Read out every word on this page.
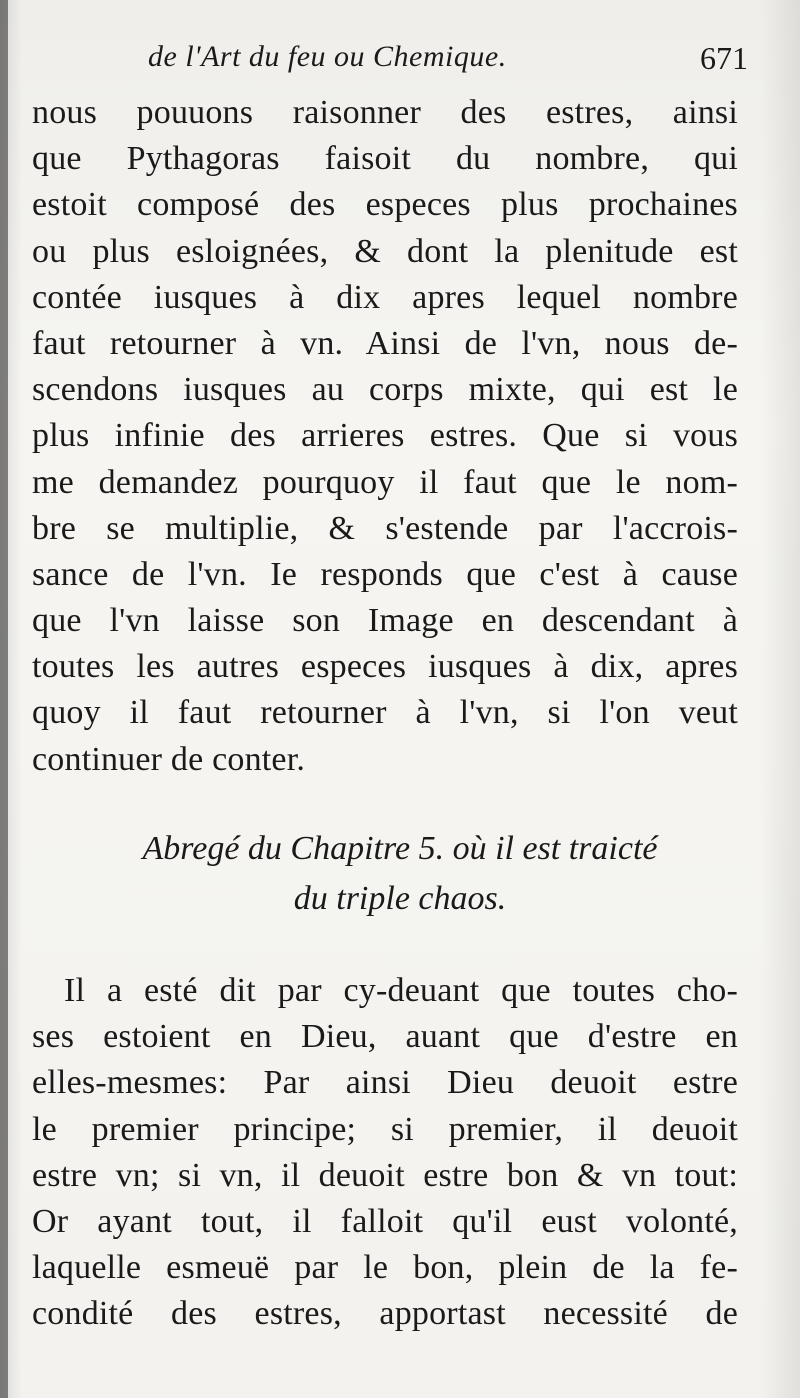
de l'Art du feu ou Chemique.	671
nous pouuons raisonner des estres, ainsi
que Pythagoras faisoit du nombre, qui
estoit composé des especes plus prochaines
ou plus esloignées, & dont la plenitude est
contée iusques à dix apres lequel nombre
faut retourner à vn. Ainsi de l'vn, nous de-
scendons iusques au corps mixte, qui est le
plus infinie des arrieres estres. Que si vous
me demandez pourquoy il faut que le nom-
bre se multiplie, & s'estende par l'accrois-
sance de l'vn. Ie responds que c'est à cause
que l'vn laisse son Image en descendant à
toutes les autres especes iusques à dix, apres
quoy il faut retourner à l'vn, si l'on veut
continuer de conter.

Abregé du Chapitre 5. où il est traicté

du triple chaos.

Il a esté dit par cy-deuant que toutes cho-
ses estoient en Dieu, auant que d'estre en
elles-mesmes: Par ainsi Dieu deuoit estre
le premier principe; si premier, il deuoit
estre vn; si vn, il deuoit estre bon & vn tout:
Or ayant tout, il falloit qu'il eust volonté,
laquelle esmeuë par le bon, plein de la fe-
condité des estres, apportast necessité de
